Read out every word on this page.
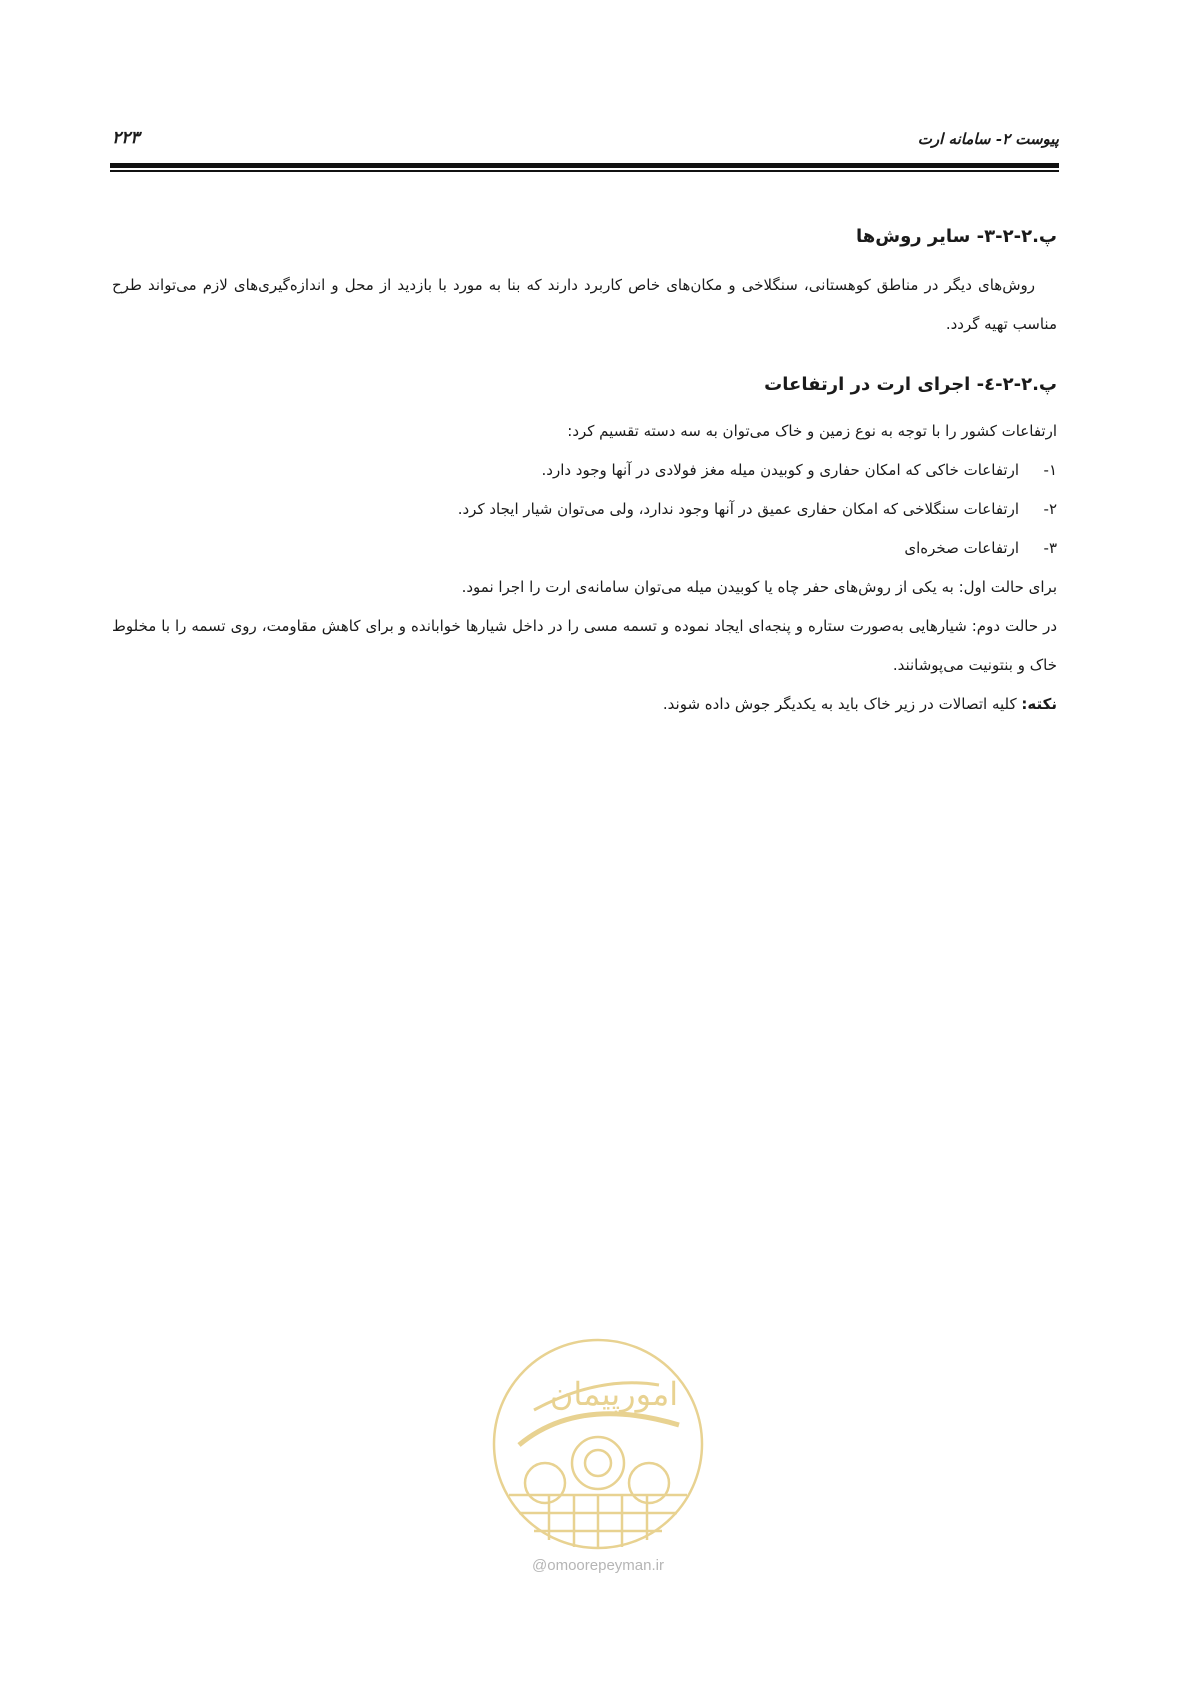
پیوست ۲- سامانه ارت
۲۲۳
پ.۲-۲-۳- سایر روش‌ها

روش‌های دیگر در مناطق کوهستانی، سنگلاخی و مکان‌های خاص کاربرد دارند که بنا به مورد با بازدید از محل و اندازه‌گیری‌های لازم می‌تواند طرح مناسب تهیه گردد.

پ.۲-۲-٤- اجرای ارت در ارتفاعات

ارتفاعات کشور را با توجه به نوع زمین و خاک می‌توان به سه دسته تقسیم کرد:

۱-ارتفاعات خاکی که امکان حفاری و کوبیدن میله مغز فولادی در آنها وجود دارد.
۲-ارتفاعات سنگلاخی که امکان حفاری عمیق در آنها وجود ندارد، ولی می‌توان شیار ایجاد کرد.
۳-ارتفاعات صخره‌ای

برای حالت اول: به یکی از روش‌های حفر چاه یا کوبیدن میله می‌توان سامانه‌ی ارت را اجرا نمود.

در حالت دوم: شیارهایی به‌صورت ستاره و پنجه‌ای ایجاد نموده و تسمه مسی را در داخل شیارها خوابانده و برای کاهش مقاومت، روی تسمه را با مخلوط خاک و بنتونیت می‌پوشانند.

نکته: کلیه اتصالات در زیر خاک باید به یکدیگر جوش داده شوند.

امورپیمان
@omoorepeyman.ir
